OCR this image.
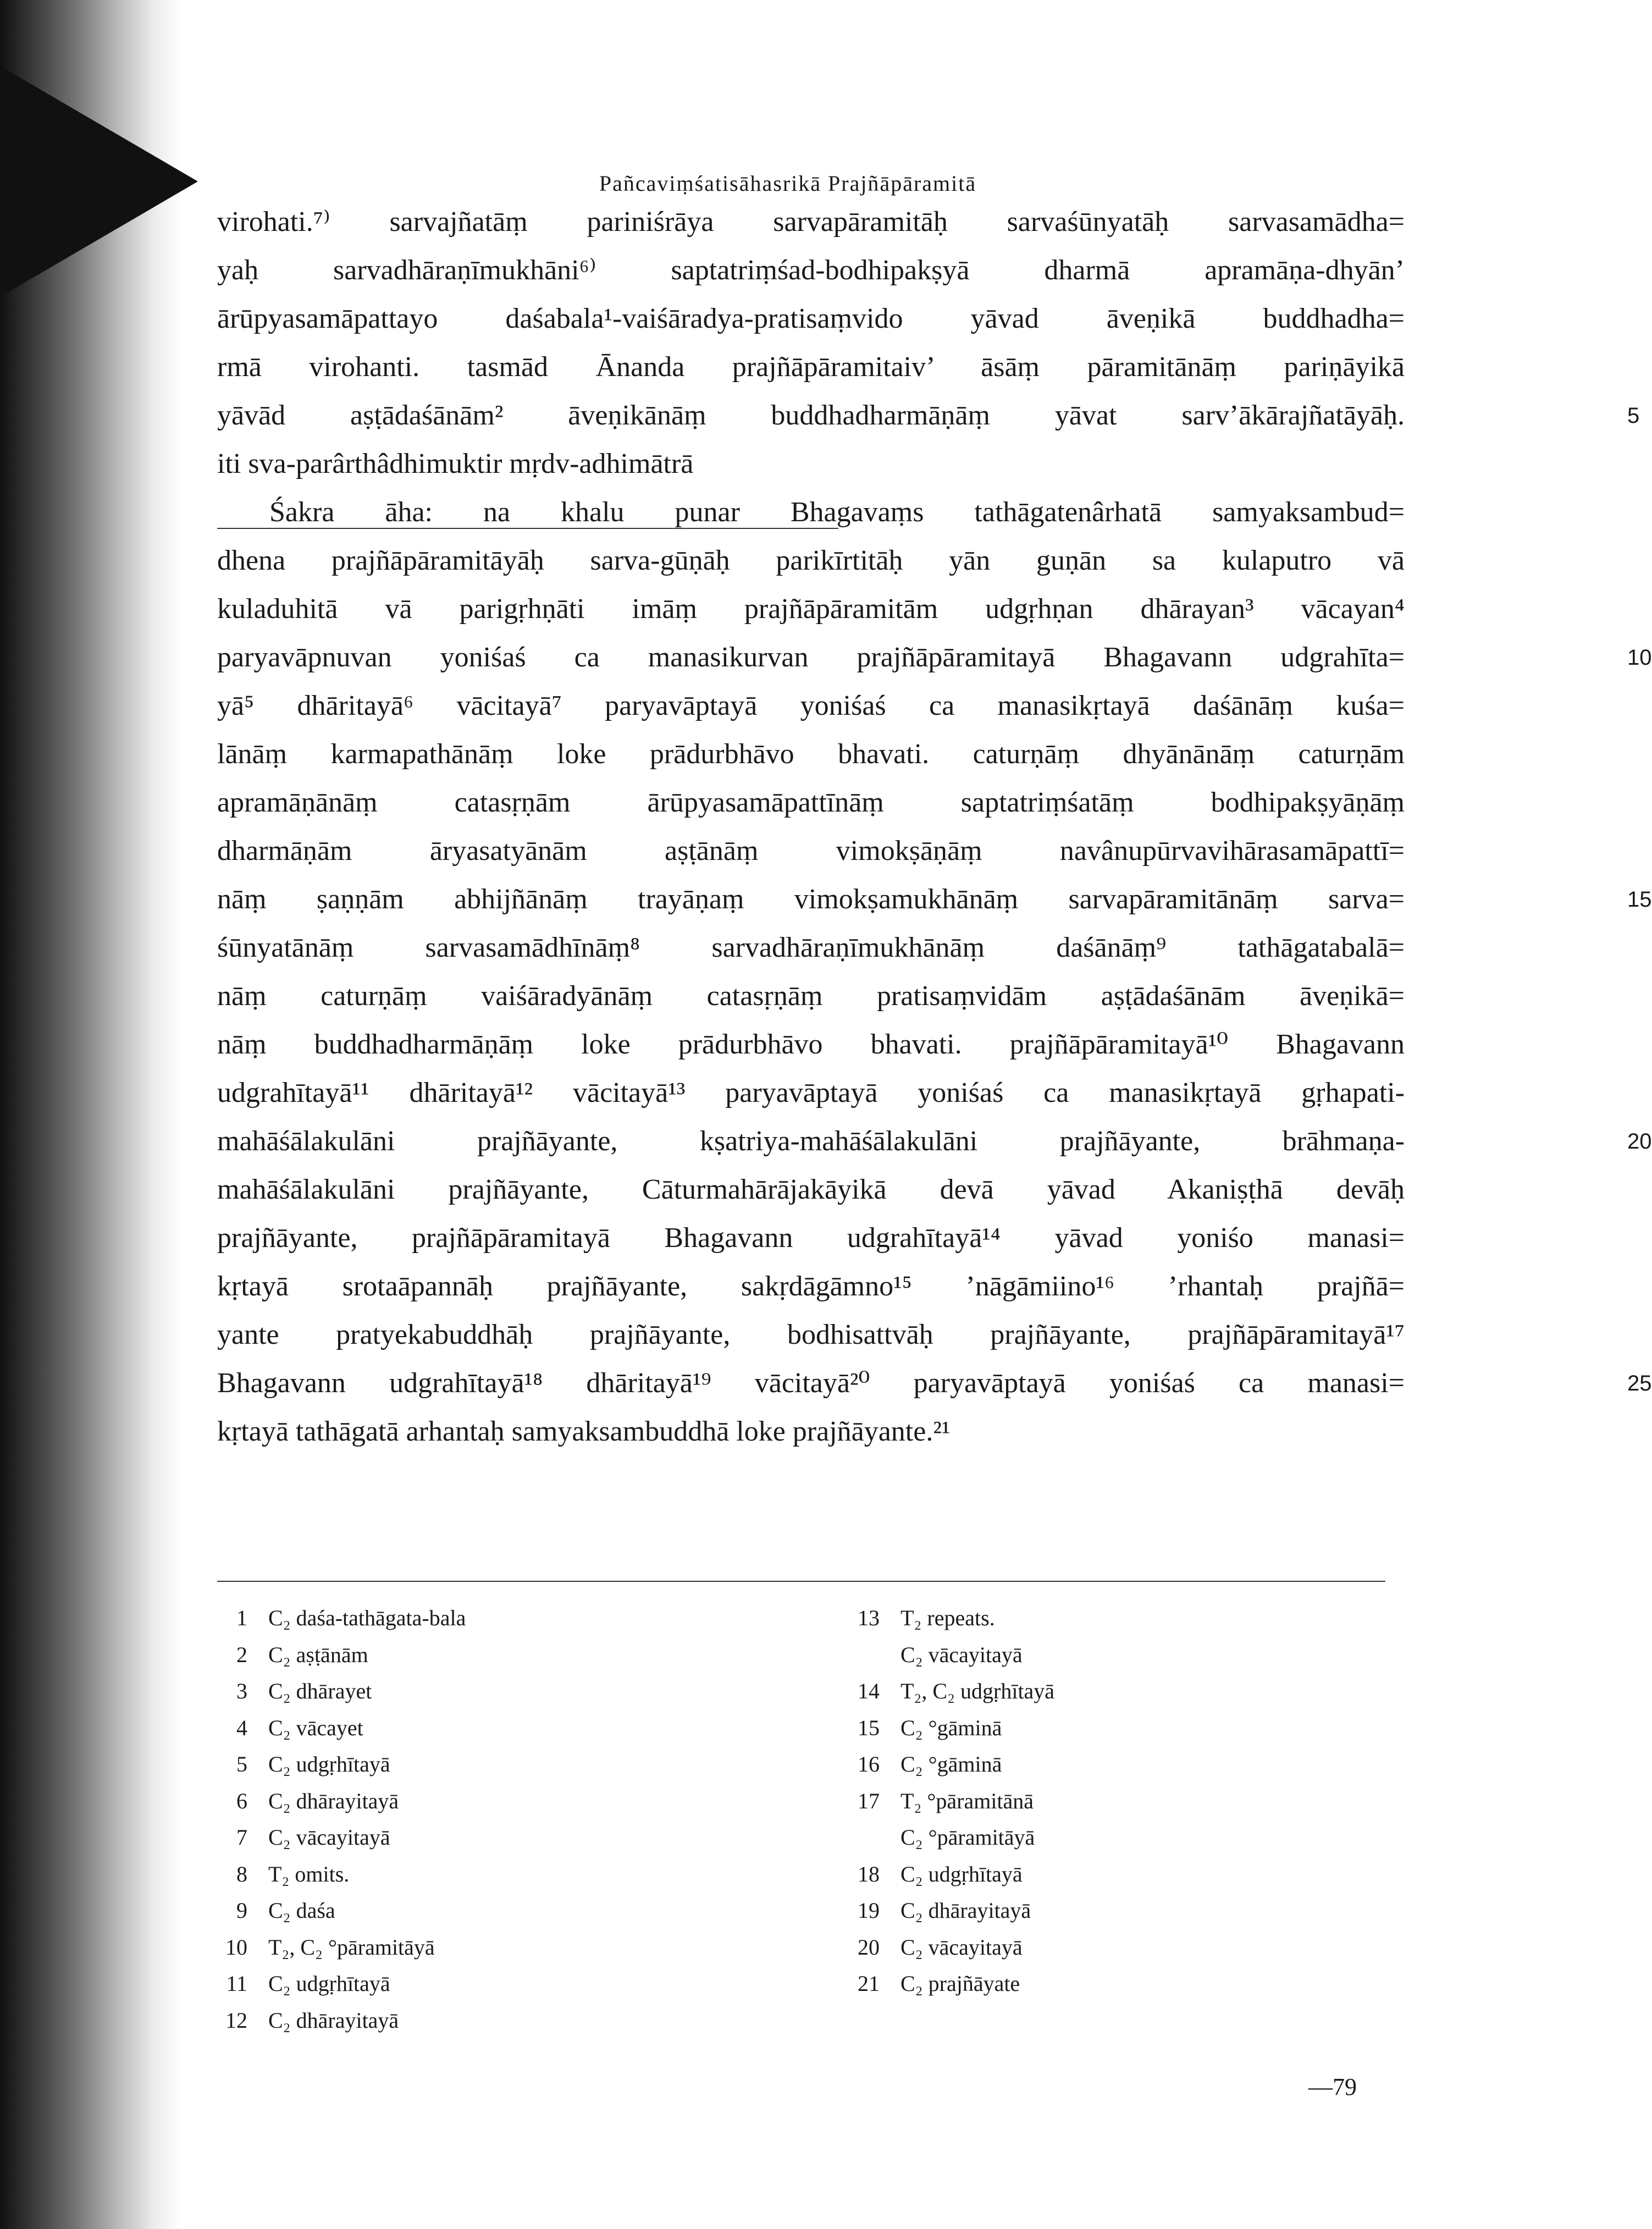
Pañcaviṃśatisāhasrikā Prajñāpāramitā
virohati.⁷⁾ sarvajñatāṃ pariniśrāya sarvapāramitāḥ sarvaśūnyatāḥ sarvasamādha=
yaḥ sarvadhāraṇīmukhāni⁶⁾ saptatriṃśad-bodhipakṣyā dharmā apramāṇa-dhyān’
ārūpyasamāpattayo daśabala¹-vaiśāradya-pratisaṃvido yāvad āveṇikā buddhadha=
rmā virohanti. tasmād Ānanda prajñāpāramitaiv’ āsāṃ pāramitānāṃ pariṇāyikā
yāvād aṣṭādaśānām² āveṇikānāṃ buddhadharmāṇāṃ yāvat sarv’ākārajñatāyāḥ.	5
iti sva-parârthâdhimuktir mṛdv-adhimātrā
Śakra āha: na khalu punar Bhagavaṃs tathāgatenârhatā samyaksambud=
dhena prajñāpāramitāyāḥ sarva-gūṇāḥ parikīrtitāḥ yān guṇān sa kulaputro vā
kuladuhitā vā parigṛhṇāti imāṃ prajñāpāramitām udgṛhṇan dhārayan³ vācayan⁴
paryavāpnuvan yoniśaś ca manasikurvan prajñāpāramitayā Bhagavann udgrahīta=	10
yā⁵ dhāritayā⁶ vācitayā⁷ paryavāptayā yoniśaś ca manasikṛtayā daśānāṃ kuśa=
lānāṃ karmapathānāṃ loke prādurbhāvo bhavati. caturṇāṃ dhyānānāṃ caturṇām
apramāṇānāṃ catasṛṇām ārūpyasamāpattīnāṃ saptatriṃśatāṃ bodhipakṣyāṇāṃ
dharmāṇām āryasatyānām aṣṭānāṃ vimokṣāṇāṃ navânupūrvavihārasamāpattī=
nāṃ ṣaṇṇām abhijñānāṃ trayāṇaṃ vimokṣamukhānāṃ sarvapāramitānāṃ sarva=	15
śūnyatānāṃ sarvasamādhīnāṃ⁸ sarvadhāraṇīmukhānāṃ daśānāṃ⁹ tathāgatabalā=
nāṃ caturṇāṃ vaiśāradyānāṃ catasṛṇāṃ pratisaṃvidām aṣṭādaśānām āveṇikā=
nāṃ buddhadharmāṇāṃ loke prādurbhāvo bhavati. prajñāpāramitayā¹⁰ Bhagavann
udgrahītayā¹¹ dhāritayā¹² vācitayā¹³ paryavāptayā yoniśaś ca manasikṛtayā gṛhapati-
mahāśālakulāni prajñāyante, kṣatriya-mahāśālakulāni prajñāyante, brāhmaṇa-	20
mahāśālakulāni prajñāyante, Cāturmahārājakāyikā devā yāvad Akaniṣṭhā devāḥ
prajñāyante, prajñāpāramitayā Bhagavann udgrahītayā¹⁴ yāvad yoniśo manasi=
kṛtayā srotaāpannāḥ prajñāyante, sakṛdāgāmno¹⁵ ’nāgāmiino¹⁶ ’rhantaḥ prajñā=
yante pratyekabuddhāḥ prajñāyante, bodhisattvāḥ prajñāyante, prajñāpāramitayā¹⁷
Bhagavann udgrahītayā¹⁸ dhāritayā¹⁹ vācitayā²⁰ paryavāptayā yoniśaś ca manasi=	25
kṛtayā tathāgatā arhantaḥ samyaksambuddhā loke prajñāyante.²¹
1 C₂ daśa-tathāgata-bala
2 C₂ aṣṭānām
3 C₂ dhārayet
4 C₂ vācayet
5 C₂ udgṛhītayā
6 C₂ dhārayitayā
7 C₂ vācayitayā
8 T₂ omits.
9 C₂ daśa
10 T₂, C₂ °pāramitāyā
11 C₂ udgṛhītayā
12 C₂ dhārayitayā
13 T₂ repeats.
C₂ vācayitayā
14 T₂, C₂ udgṛhītayā
15 C₂ °gāminā
16 C₂ °gāminā
17 T₂ °pāramitānā
C₂ °pāramitāyā
18 C₂ udgṛhītayā
19 C₂ dhārayitayā
20 C₂ vācayitayā
21 C₂ prajñāyate
—79
